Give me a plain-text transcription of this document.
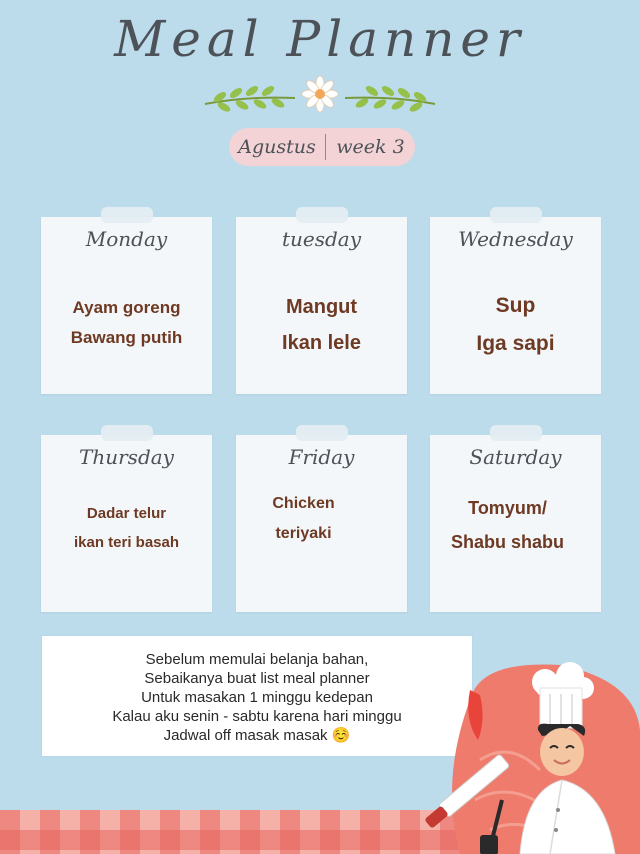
Meal Planner
Agustus	week 3
Monday
Ayam goreng
Bawang putih
tuesday
Mangut
Ikan lele
Wednesday
Sup
Iga sapi
Thursday
Dadar telur
ikan teri basah
Friday
Chicken
teriyaki
Saturday
Tomyum/
Shabu shabu

Sebelum memulai belanja bahan,

Sebaikanya buat list meal planner

Untuk masakan 1 minggu kedepan

Kalau aku senin - sabtu karena hari minggu

Jadwal off masak masak ☺️
